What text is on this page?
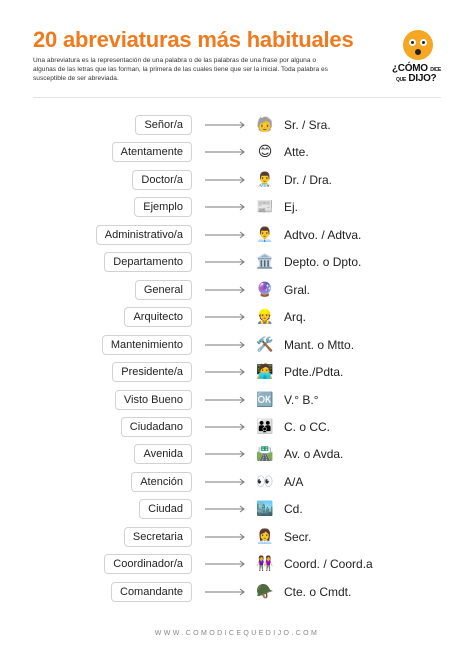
20 abreviaturas más habituales
Una abreviatura es la representación de una palabra o de las palabras de una frase por alguna o algunas de las letras que las forman, la primera de las cuales tiene que ser la inicial. Toda palabra es susceptible de ser abreviada.
¿CÓMO DICE
QUE DIJO?
Señor/a	🧓 Sr. / Sra.
Atentamente	😊 Atte.
Doctor/a	👨‍⚕️ Dr. / Dra.
Ejemplo	📰 Ej.
Administrativo/a	👨‍💼 Adtvo. / Adtva.
Departamento	🏛️ Depto. o Dpto.
General	🔮 Gral.
Arquitecto	👷 Arq.
Mantenimiento	🛠️ Mant. o Mtto.
Presidente/a	🧑‍💻 Pdte./Pdta.
Visto Bueno	🆗 V.° B.°
Ciudadano	👪 C. o CC.
Avenida	🛣️ Av. o Avda.
Atención	👀 A/A
Ciudad	🏙️ Cd.
Secretaria	👩‍💼 Secr.
Coordinador/a	👭 Coord. / Coord.a
Comandante	🪖 Cte. o Cmdt.
WWW.COMODICEQUEDIJO.COM
